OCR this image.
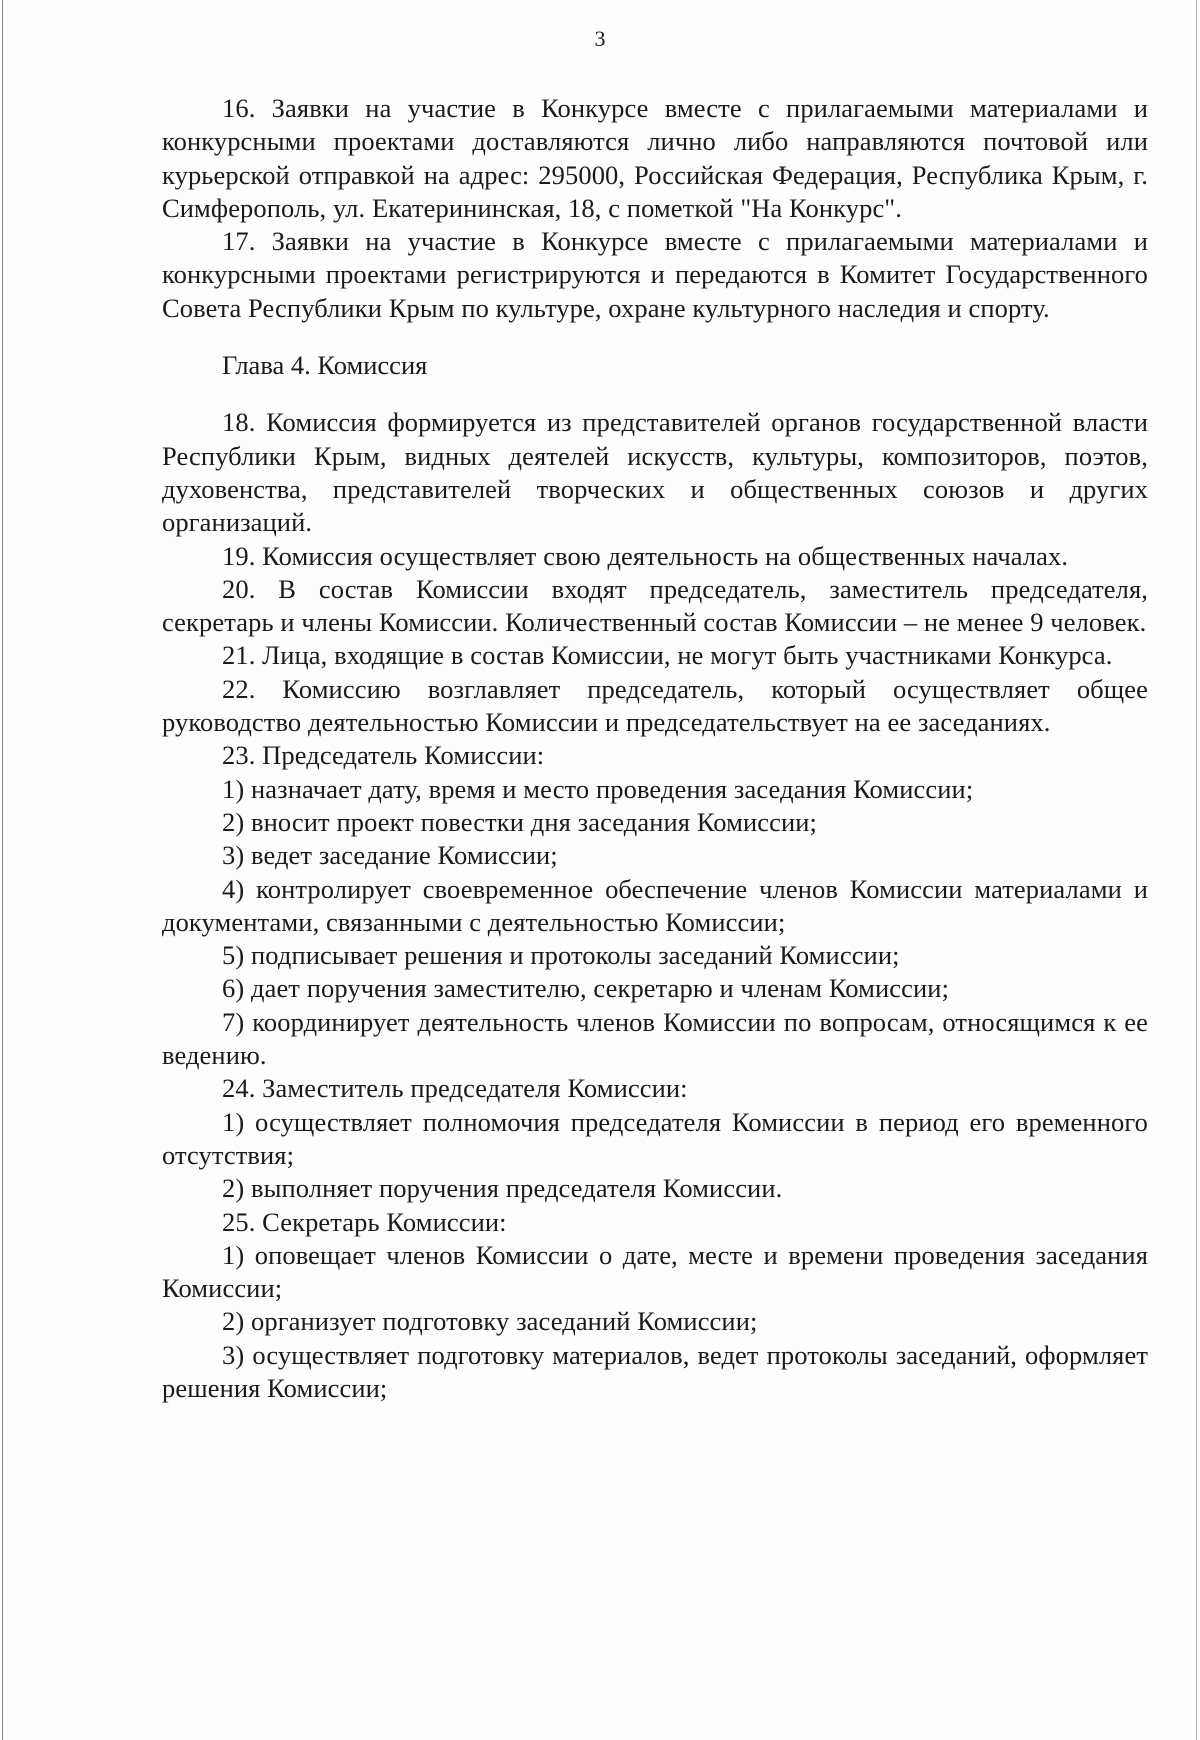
3

16. Заявки на участие в Конкурсе вместе с прилагаемыми материалами и конкурсными проектами доставляются лично либо направляются почтовой или курьерской отправкой на адрес: 295000, Российская Федерация, Республика Крым, г. Симферополь, ул. Екатерининская, 18, с пометкой "На Конкурс".

17. Заявки на участие в Конкурсе вместе с прилагаемыми материалами и конкурсными проектами регистрируются и передаются в Комитет Государственного Совета Республики Крым по культуре, охране культурного наследия и спорту.

Глава 4. Комиссия

18. Комиссия формируется из представителей органов государственной власти Республики Крым, видных деятелей искусств, культуры, композиторов, поэтов, духовенства, представителей творческих и общественных союзов и других организаций.

19. Комиссия осуществляет свою деятельность на общественных началах.

20. В состав Комиссии входят председатель, заместитель председателя, секретарь и члены Комиссии. Количественный состав Комиссии – не менее 9 человек.

21. Лица, входящие в состав Комиссии, не могут быть участниками Конкурса.

22. Комиссию возглавляет председатель, который осуществляет общее руководство деятельностью Комиссии и председательствует на ее заседаниях.

23. Председатель Комиссии:

1) назначает дату, время и место проведения заседания Комиссии;

2) вносит проект повестки дня заседания Комиссии;

3) ведет заседание Комиссии;

4) контролирует своевременное обеспечение членов Комиссии материалами и документами, связанными с деятельностью Комиссии;

5) подписывает решения и протоколы заседаний Комиссии;

6) дает поручения заместителю, секретарю и членам Комиссии;

7) координирует деятельность членов Комиссии по вопросам, относящимся к ее ведению.

24. Заместитель председателя Комиссии:

1) осуществляет полномочия председателя Комиссии в период его временного отсутствия;

2) выполняет поручения председателя Комиссии.

25. Секретарь Комиссии:

1) оповещает членов Комиссии о дате, месте и времени проведения заседания Комиссии;

2) организует подготовку заседаний Комиссии;

3) осуществляет подготовку материалов, ведет протоколы заседаний, оформляет решения Комиссии;
